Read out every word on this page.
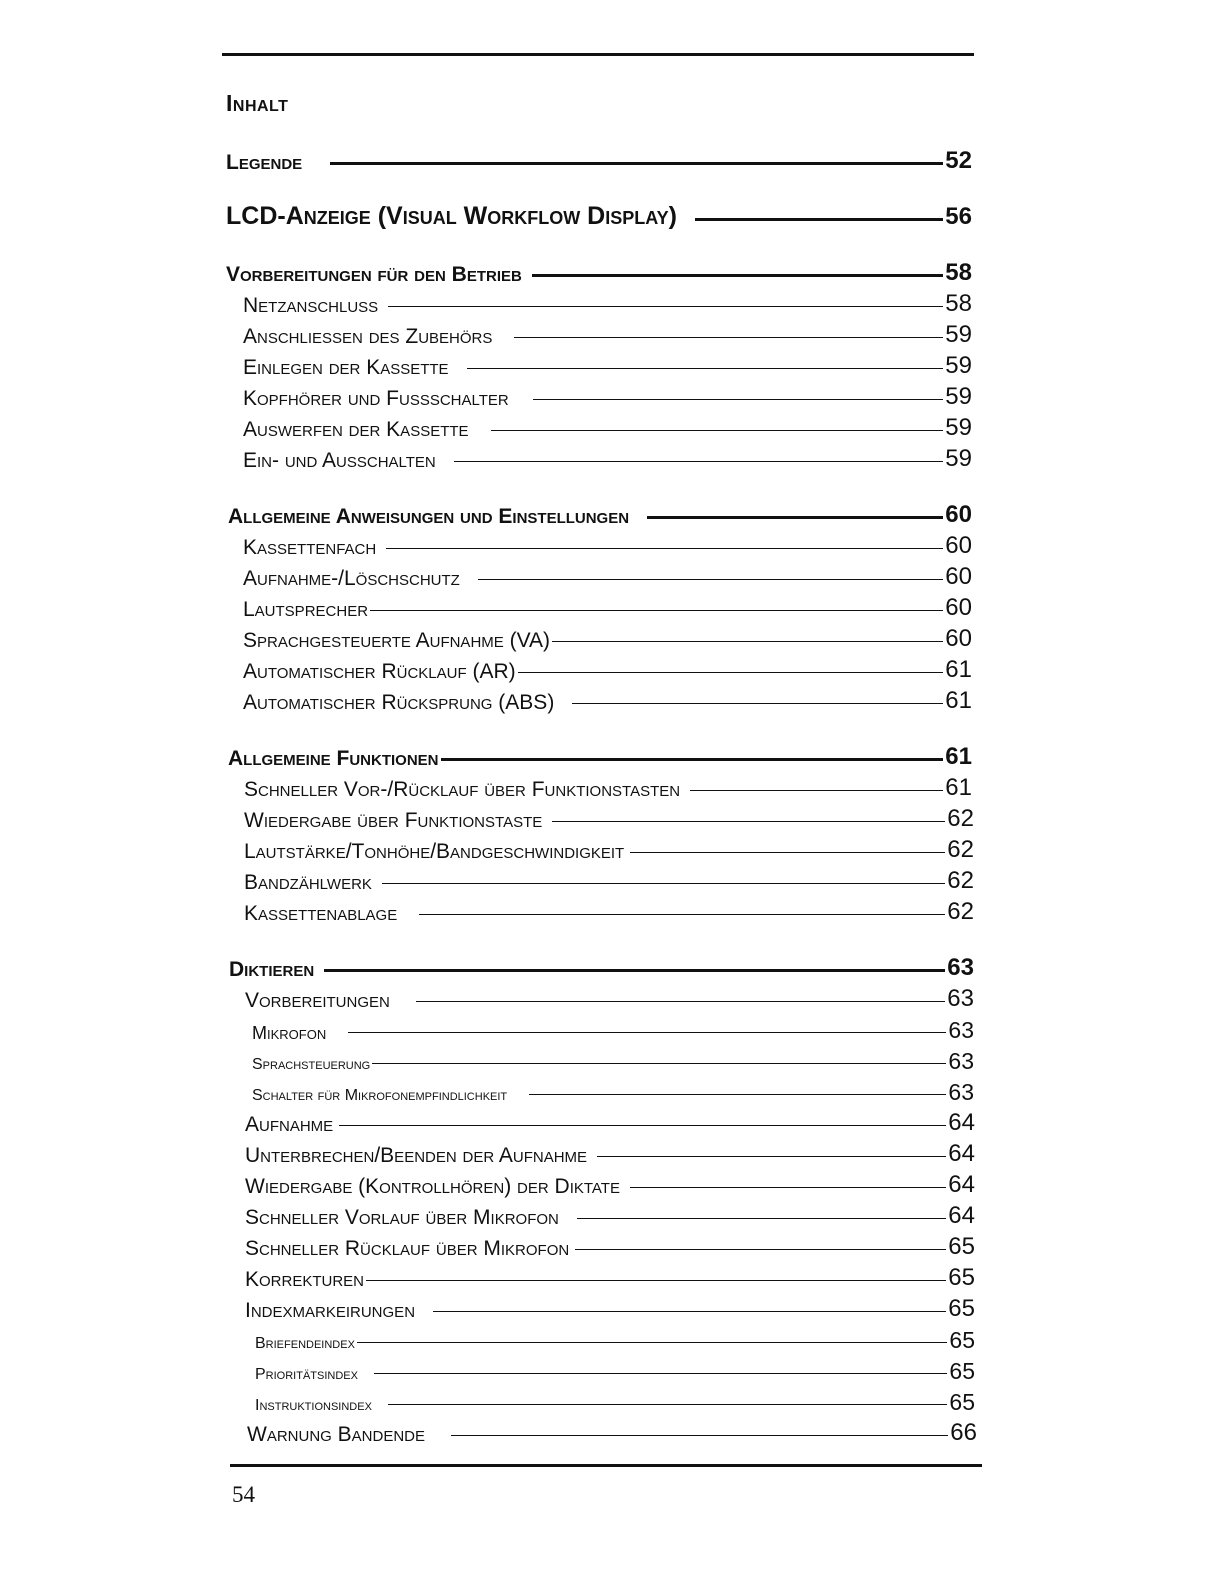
Inhalt
Legende	52
LCD-Anzeige (Visual Workflow Display)	56
Vorbereitungen für den Betrieb	58
Netzanschluss	58
Anschliessen des Zubehörs	59
Einlegen der Kassette	59
Kopfhörer und Fussschalter	59
Auswerfen der Kassette	59
Ein- und Ausschalten	59
Allgemeine Anweisungen und Einstellungen	60
Kassettenfach	60
Aufnahme-/Löschschutz	60
Lautsprecher	60
Sprachgesteuerte Aufnahme (VA)	60
Automatischer Rücklauf (AR)	61
Automatischer Rücksprung (ABS)	61
Allgemeine Funktionen	61
Schneller Vor-/Rücklauf über Funktionstasten	61
Wiedergabe über Funktionstaste	62
Lautstärke/Tonhöhe/Bandgeschwindigkeit	62
Bandzählwerk	62
Kassettenablage	62
Diktieren	63
Vorbereitungen	63
Mikrofon	63
Sprachsteuerung	63
Schalter für Mikrofonempfindlichkeit	63
Aufnahme	64
Unterbrechen/Beenden der Aufnahme	64
Wiedergabe (Kontrollhören) der Diktate	64
Schneller Vorlauf über Mikrofon	64
Schneller Rücklauf über Mikrofon	65
Korrekturen	65
Indexmarkeirungen	65
Briefendeindex	65
Prioritätsindex	65
Instruktionsindex	65
Warnung Bandende	66
54
